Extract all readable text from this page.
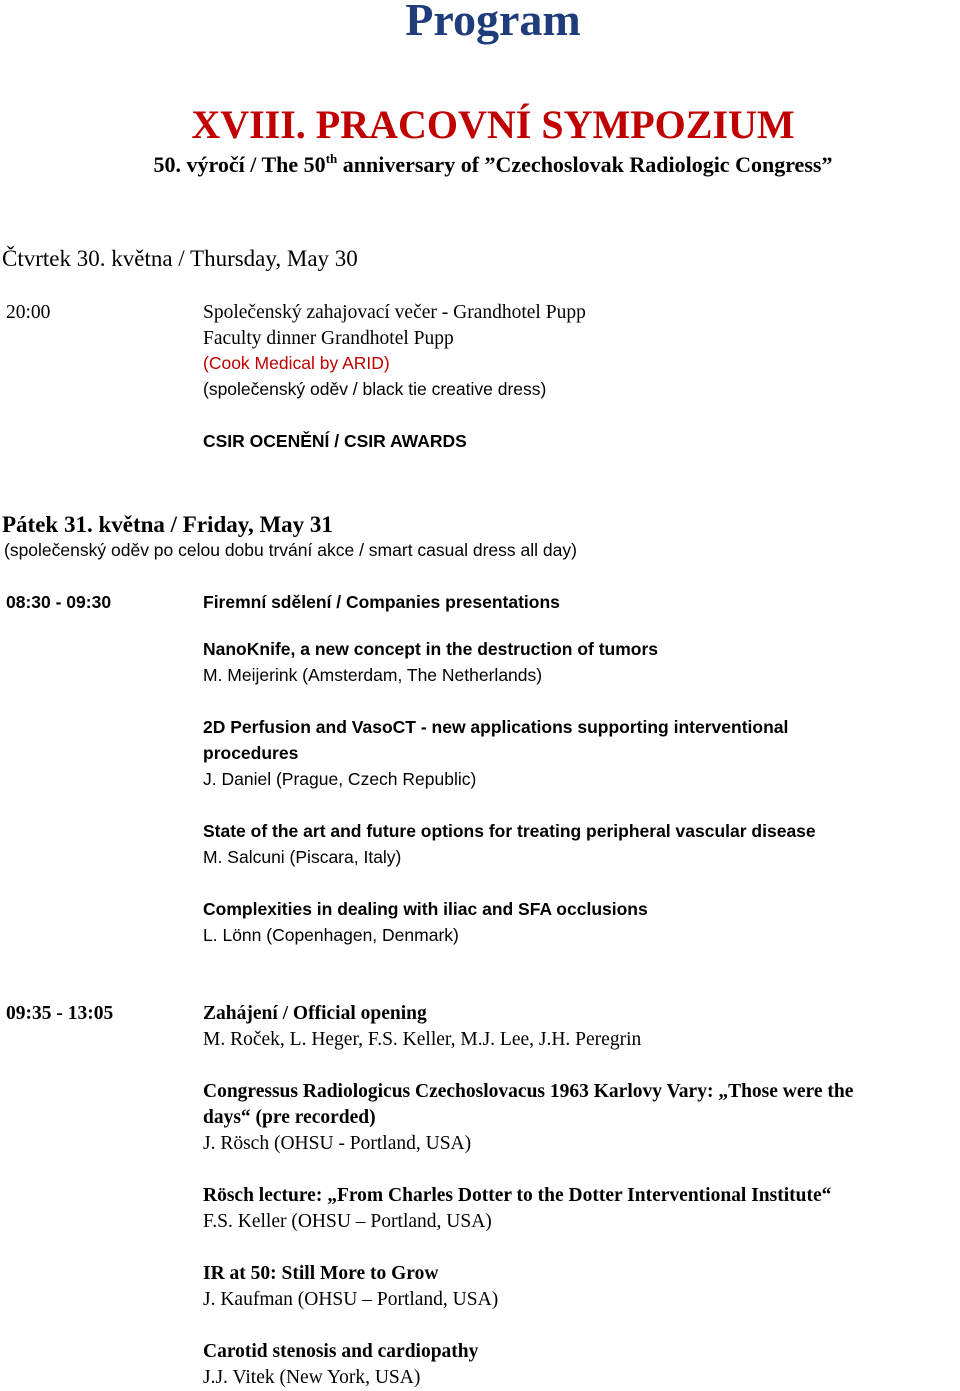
Program
XVIII. PRACOVNÍ SYMPOZIUM
50. výročí / The 50th anniversary of ”Czechoslovak Radiologic Congress”
Čtvrtek 30. května / Thursday, May 30
20:00	Společenský zahajovací večer - Grandhotel Pupp
Faculty dinner Grandhotel Pupp
(Cook Medical by ARID)
(společenský oděv / black tie creative dress)
CSIR OCENĚNÍ / CSIR AWARDS
Pátek 31. května / Friday, May 31
(společenský oděv po celou dobu trvání akce / smart casual dress all day)
08:30 - 09:30	Firemní sdělení / Companies presentations
NanoKnife, a new concept in the destruction of tumors
M. Meijerink (Amsterdam, The Netherlands)
2D Perfusion and VasoCT - new applications supporting interventional
procedures
J. Daniel (Prague, Czech Republic)
State of the art and future options for treating peripheral vascular disease
M. Salcuni (Piscara, Italy)
Complexities in dealing with iliac and SFA occlusions
L. Lönn (Copenhagen, Denmark)
09:35 - 13:05	Zahájení / Official opening
M. Roček, L. Heger, F.S. Keller, M.J. Lee, J.H. Peregrin
Congressus Radiologicus Czechoslovacus 1963 Karlovy Vary: „Those were the
days“ (pre recorded)
J. Rösch (OHSU - Portland, USA)
Rösch lecture: „From Charles Dotter to the Dotter Interventional Institute“
F.S. Keller (OHSU – Portland, USA)
IR at 50: Still More to Grow
J. Kaufman (OHSU – Portland, USA)
Carotid stenosis and cardiopathy
J.J. Vitek (New York, USA)
